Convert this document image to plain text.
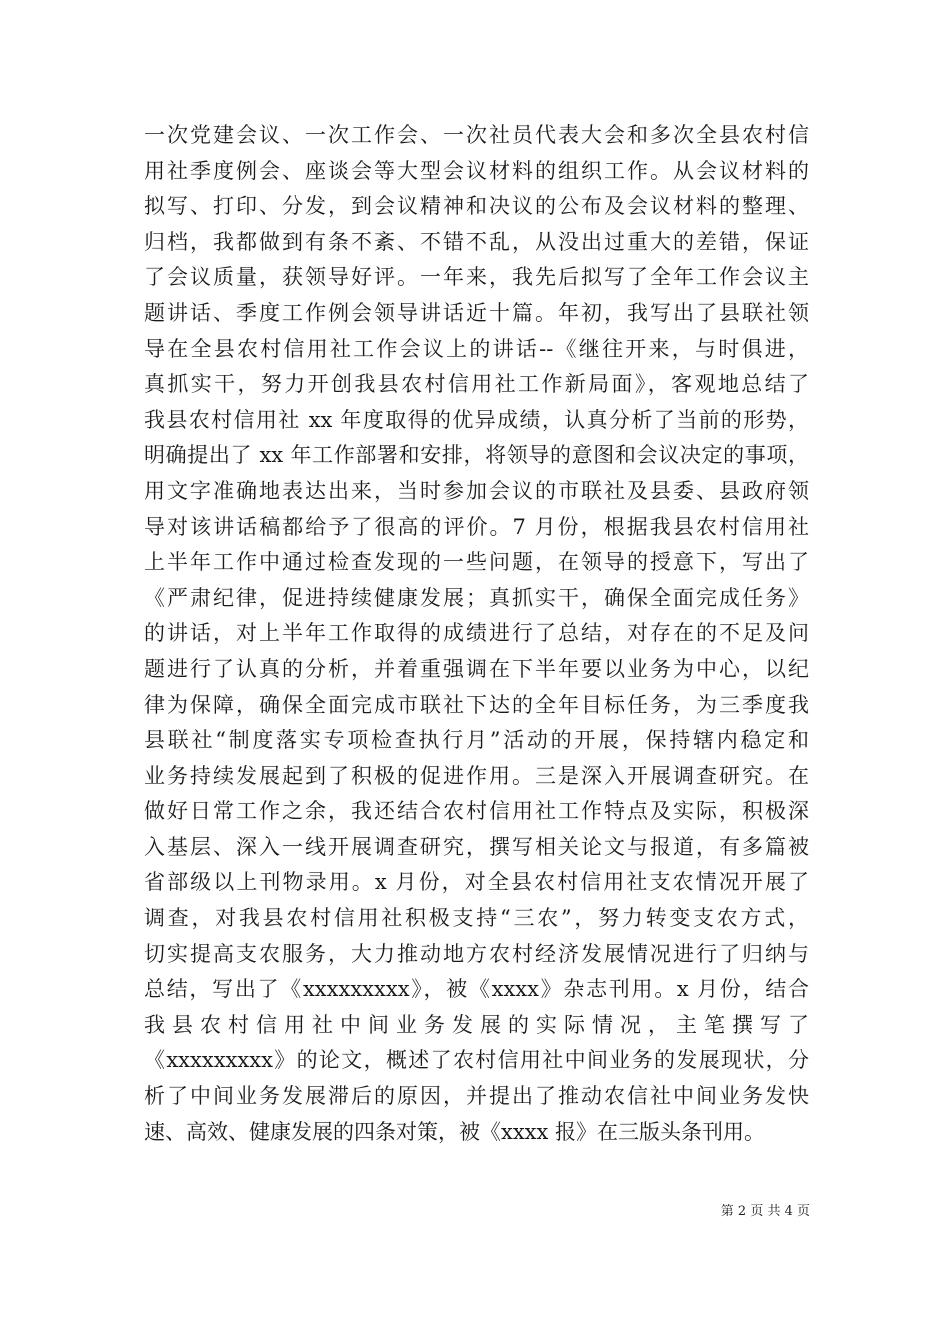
一次党建会议、一次工作会、一次社员代表大会和多次全县农村信
用社季度例会、座谈会等大型会议材料的组织工作。从会议材料的
拟写、打印、分发，到会议精神和决议的公布及会议材料的整理、
归档，我都做到有条不紊、不错不乱，从没出过重大的差错，保证
了会议质量，获领导好评。一年来，我先后拟写了全年工作会议主
题讲话、季度工作例会领导讲话近十篇。年初，我写出了县联社领
导在全县农村信用社工作会议上的讲话--《继往开来，与时俱进，
真抓实干，努力开创我县农村信用社工作新局面》，客观地总结了
我县农村信用社 xx 年度取得的优异成绩，认真分析了当前的形势，
明确提出了 xx 年工作部署和安排，将领导的意图和会议决定的事项，
用文字准确地表达出来，当时参加会议的市联社及县委、县政府领
导对该讲话稿都给予了很高的评价。7 月份，根据我县农村信用社
上半年工作中通过检查发现的一些问题，在领导的授意下，写出了
《严肃纪律，促进持续健康发展；真抓实干，确保全面完成任务》
的讲话，对上半年工作取得的成绩进行了总结，对存在的不足及问
题进行了认真的分析，并着重强调在下半年要以业务为中心，以纪
律为保障，确保全面完成市联社下达的全年目标任务，为三季度我
县联社“制度落实专项检查执行月”活动的开展，保持辖内稳定和
业务持续发展起到了积极的促进作用。三是深入开展调查研究。在
做好日常工作之余，我还结合农村信用社工作特点及实际，积极深
入基层、深入一线开展调查研究，撰写相关论文与报道，有多篇被
省部级以上刊物录用。x 月份，对全县农村信用社支农情况开展了
调查，对我县农村信用社积极支持“三农”，努力转变支农方式，
切实提高支农服务，大力推动地方农村经济发展情况进行了归纳与
总结，写出了《xxxxxxxxx》，被《xxxx》杂志刊用。x 月份，结合
我县农村信用社中间业务发展的实际情况，主笔撰写了
《xxxxxxxxx》的论文，概述了农村信用社中间业务的发展现状，分
析了中间业务发展滞后的原因，并提出了推动农信社中间业务发快
速、高效、健康发展的四条对策，被《xxxx 报》在三版头条刊用。
第 2 页 共 4 页
